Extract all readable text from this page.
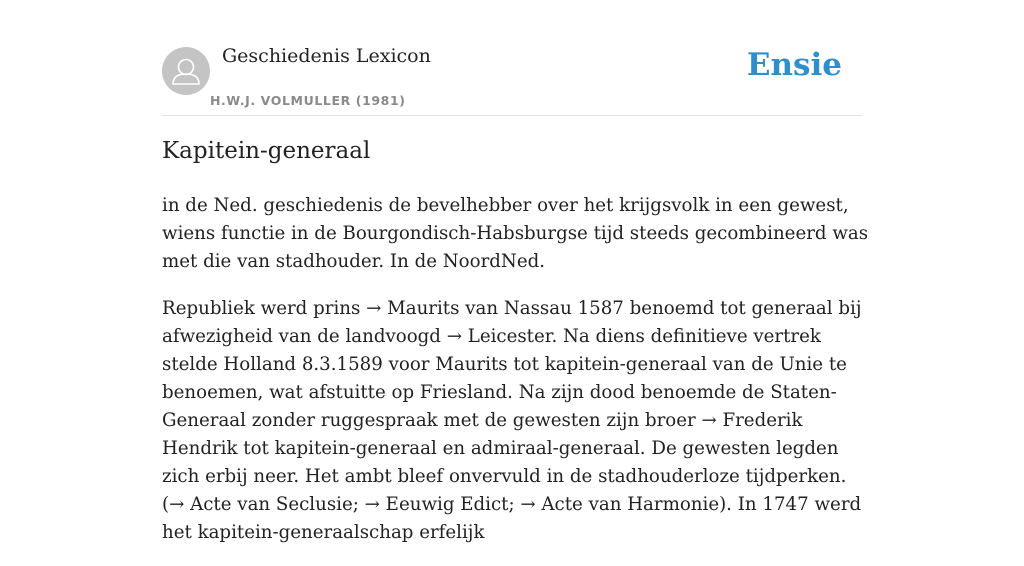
Geschiedenis Lexicon
H.W.J. VOLMULLER (1981)
Ensie
Kapitein-generaal

in de Ned. geschiedenis de bevelhebber over het krijgsvolk in een gewest, wiens functie in de Bourgondisch-Habsburgse tijd steeds gecombineerd was met die van stadhouder. In de NoordNed.

Republiek werd prins → Maurits van Nassau 1587 benoemd tot generaal bij afwezigheid van de landvoogd → Leicester. Na diens definitieve vertrek stelde Holland 8.3.1589 voor Maurits tot kapitein-generaal van de Unie te benoemen, wat afstuitte op Friesland. Na zijn dood benoemde de Staten-Generaal zonder ruggespraak met de gewesten zijn broer → Frederik Hendrik tot kapitein-generaal en admiraal-generaal. De gewesten legden zich erbij neer. Het ambt bleef onvervuld in de stadhouderloze tijdperken. (→ Acte van Seclusie; → Eeuwig Edict; → Acte van Harmonie). In 1747 werd het kapitein-generaalschap erfelijk
